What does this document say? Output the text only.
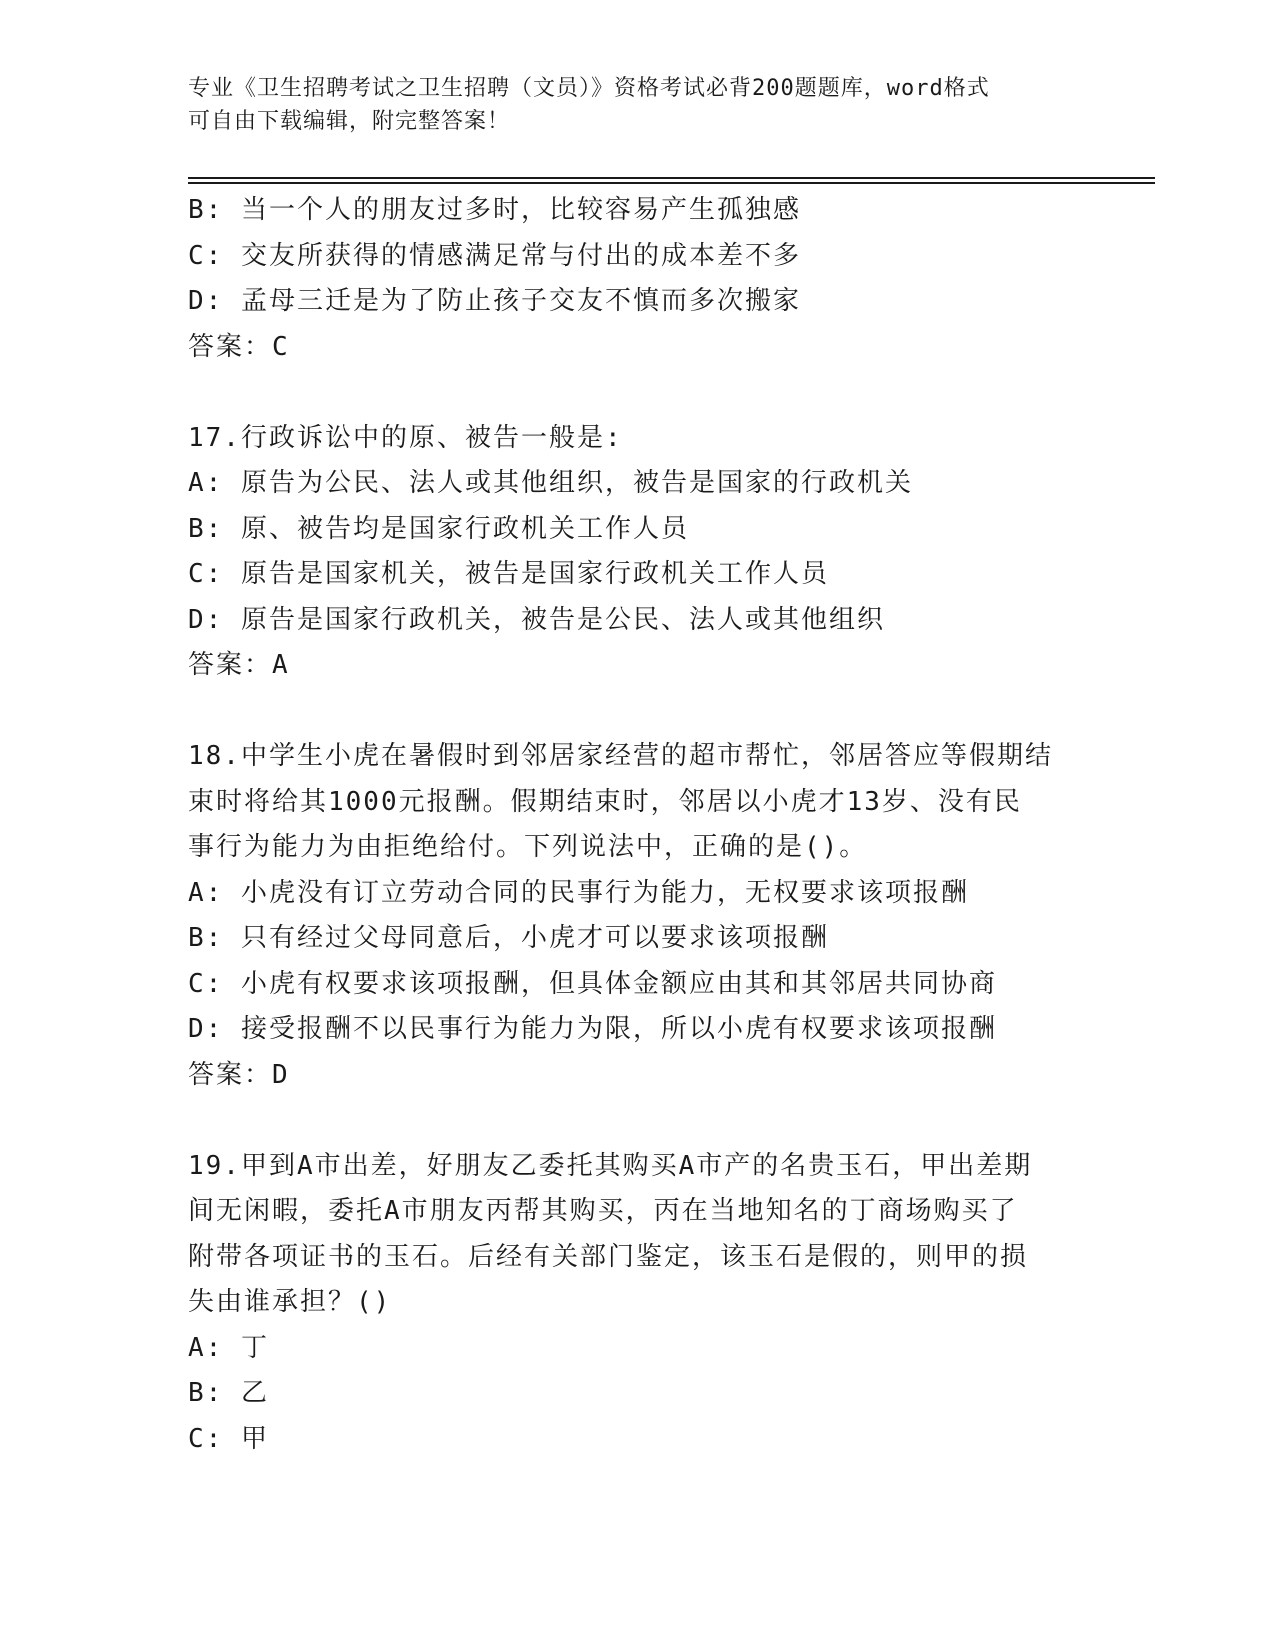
专业《卫生招聘考试之卫生招聘（文员）》资格考试必背200题题库，word格式
可自由下载编辑，附完整答案！
B: 当一个人的朋友过多时，比较容易产生孤独感
C: 交友所获得的情感满足常与付出的成本差不多
D: 孟母三迁是为了防止孩子交友不慎而多次搬家
答案：C
17.行政诉讼中的原、被告一般是:
A: 原告为公民、法人或其他组织，被告是国家的行政机关
B: 原、被告均是国家行政机关工作人员
C: 原告是国家机关，被告是国家行政机关工作人员
D: 原告是国家行政机关，被告是公民、法人或其他组织
答案：A
18.中学生小虎在暑假时到邻居家经营的超市帮忙，邻居答应等假期结
束时将给其1000元报酬。假期结束时，邻居以小虎才13岁、没有民
事行为能力为由拒绝给付。下列说法中，正确的是()。
A: 小虎没有订立劳动合同的民事行为能力，无权要求该项报酬
B: 只有经过父母同意后，小虎才可以要求该项报酬
C: 小虎有权要求该项报酬，但具体金额应由其和其邻居共同协商
D: 接受报酬不以民事行为能力为限，所以小虎有权要求该项报酬
答案：D
19.甲到A市出差，好朋友乙委托其购买A市产的名贵玉石，甲出差期
间无闲暇，委托A市朋友丙帮其购买，丙在当地知名的丁商场购买了
附带各项证书的玉石。后经有关部门鉴定，该玉石是假的，则甲的损
失由谁承担？()
A: 丁
B: 乙
C: 甲
